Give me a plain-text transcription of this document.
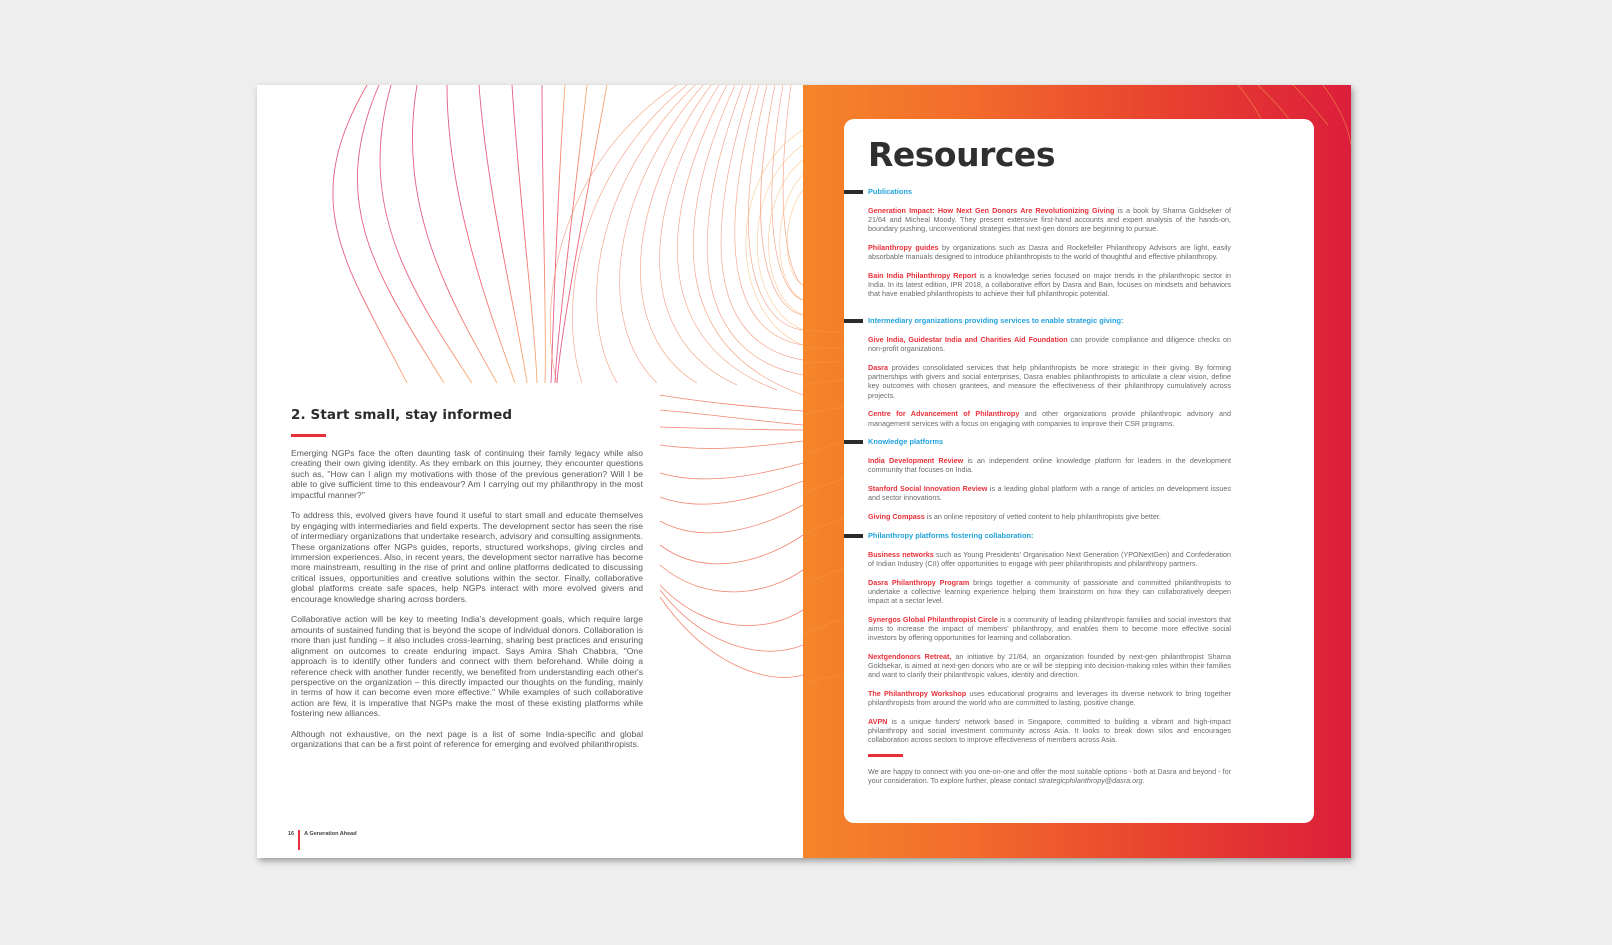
2. Start small, stay informed

Emerging NGPs face the often daunting task of continuing their family legacy while also creating their own giving identity. As they embark on this journey, they encounter questions such as, "How can I align my motivations with those of the previous generation? Will I be able to give sufficient time to this endeavour? Am I carrying out my philanthropy in the most impactful manner?"

To address this, evolved givers have found it useful to start small and educate themselves by engaging with intermediaries and field experts. The development sector has seen the rise of intermediary organizations that undertake research, advisory and consulting assignments. These organizations offer NGPs guides, reports, structured workshops, giving circles and immersion experiences. Also, in recent years, the development sector narrative has become more mainstream, resulting in the rise of print and online platforms dedicated to discussing critical issues, opportunities and creative solutions within the sector. Finally, collaborative global platforms create safe spaces, help NGPs interact with more evolved givers and encourage knowledge sharing across borders.

Collaborative action will be key to meeting India's development goals, which require large amounts of sustained funding that is beyond the scope of individual donors. Collaboration is more than just funding – it also includes cross-learning, sharing best practices and ensuring alignment on outcomes to create enduring impact. Says Amira Shah Chabbra, "One approach is to identify other funders and connect with them beforehand. While doing a reference check with another funder recently, we benefited from understanding each other's perspective on the organization – this directly impacted our thoughts on the funding, mainly in terms of how it can become even more effective." While examples of such collaborative action are few, it is imperative that NGPs make the most of these existing platforms while fostering new alliances.

Although not exhaustive, on the next page is a list of some India-specific and global organizations that can be a first point of reference for emerging and evolved philanthropists.

16 A Generation Ahead
Resources
Publications
Generation Impact: How Next Gen Donors Are Revolutionizing Giving is a book by Sharna Goldseker of 21/64 and Micheal Moody. They present extensive first-hand accounts and expert analysis of the hands-on, boundary pushing, unconventional strategies that next-gen donors are beginning to pursue.
Philanthropy guides by organizations such as Dasra and Rockefeller Philanthropy Advisors are light, easily absorbable manuals designed to introduce philanthropists to the world of thoughtful and effective philanthropy.
Bain India Philanthropy Report is a knowledge series focused on major trends in the philanthropic sector in India. In its latest edition, IPR 2018, a collaborative effort by Dasra and Bain, focuses on mindsets and behaviors that have enabled philanthropists to achieve their full philanthropic potential.
Intermediary organizations providing services to enable strategic giving:
Give India, Guidestar India and Charities Aid Foundation can provide compliance and diligence checks on non-profit organizations.
Dasra provides consolidated services that help philanthropists be more strategic in their giving. By forming partnerships with givers and social enterprises, Dasra enables philanthropists to articulate a clear vision, define key outcomes with chosen grantees, and measure the effectiveness of their philanthropy cumulatively across projects.
Centre for Advancement of Philanthropy and other organizations provide philanthropic advisory and management services with a focus on engaging with companies to improve their CSR programs.
Knowledge platforms
India Development Review is an independent online knowledge platform for leaders in the development community that focuses on India.
Stanford Social Innovation Review is a leading global platform with a range of articles on development issues and sector innovations.
Giving Compass is an online repository of vetted content to help philanthropists give better.
Philanthropy platforms fostering collaboration:
Business networks such as Young Presidents' Organisation Next Generation (YPONextGen) and Confederation of Indian Industry (CII) offer opportunities to engage with peer philanthropists and philanthropy partners.
Dasra Philanthropy Program brings together a community of passionate and committed philanthropists to undertake a collective learning experience helping them brainstorm on how they can collaboratively deepen impact at a sector level.
Synergos Global Philanthropist Circle is a community of leading philanthropic families and social investors that aims to increase the impact of members' philanthropy, and enables them to become more effective social investors by offering opportunities for learning and collaboration.
Nextgendonors Retreat, an initiative by 21/64, an organization founded by next-gen philanthropist Sharna Goldsekar, is aimed at next-gen donors who are or will be stepping into decision-making roles within their families and want to clarify their philanthropic values, identity and direction.
The Philanthropy Workshop uses educational programs and leverages its diverse network to bring together philanthropists from around the world who are committed to lasting, positive change.
AVPN is a unique funders' network based in Singapore, committed to building a vibrant and high-impact philanthropy and social investment community across Asia. It looks to break down silos and encourages collaboration across sectors to improve effectiveness of members across Asia.
We are happy to connect with you one-on-one and offer the most suitable options - both at Dasra and beyond - for your consideration. To explore further, please contact strategicphilanthropy@dasra.org.
